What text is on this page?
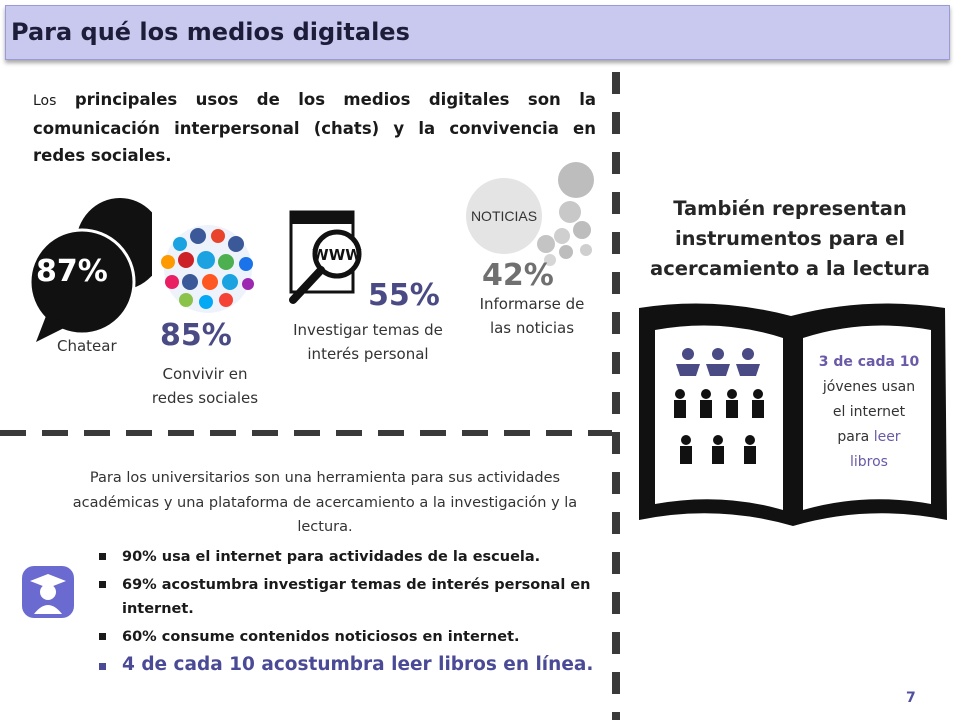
Para qué los medios digitales
Los principales usos de los medios digitales son la comunicación interpersonal (chats) y la convivencia en redes sociales.
87%
Chatear 85%
Convivir en
redes sociales
WWW
55%
Investigar temas de
interés personal
NOTICIAS
42%
Informarse de
las noticias
También representan instrumentos para el acercamiento a la lectura
3 de cada 10
jóvenes usan
el internet
para leer
libros
Para los universitarios son una herramienta para sus actividades académicas y una plataforma de acercamiento a la investigación y la lectura.
90% usa el internet para actividades de la escuela.
69% acostumbra investigar temas de interés personal en internet.
60% consume contenidos noticiosos en internet.
4 de cada 10 acostumbra leer libros en línea.
7
